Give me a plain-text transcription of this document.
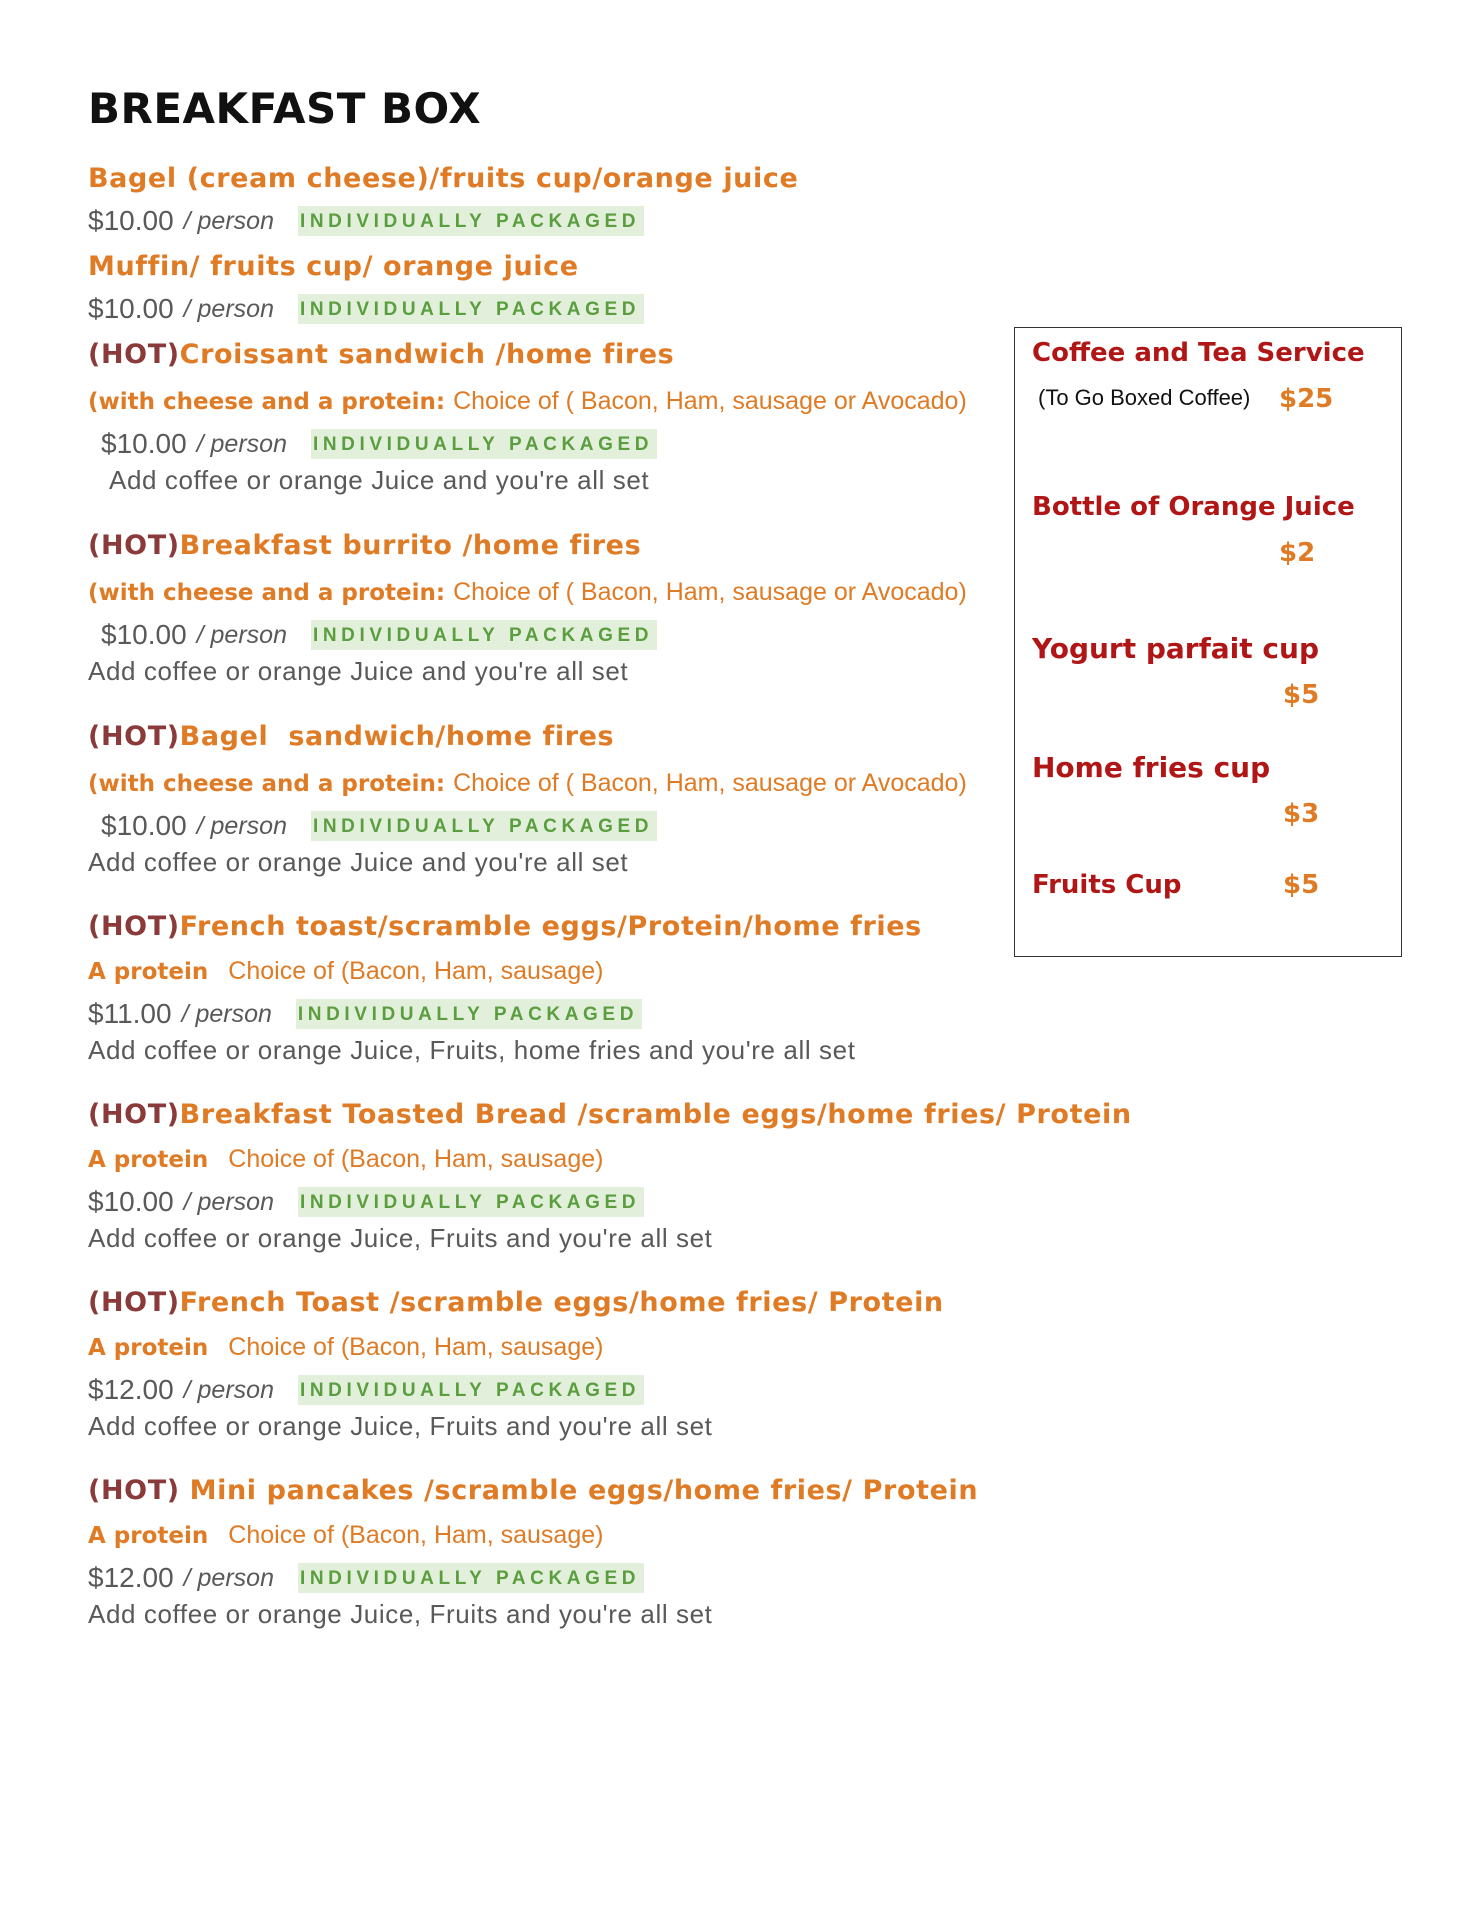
BREAKFAST BOX
Bagel (cream cheese)/fruits cup/orange juice
$10.00 / person INDIVIDUALLY PACKAGED
Muffin/ fruits cup/ orange juice
$10.00 / person INDIVIDUALLY PACKAGED
(HOT)Croissant sandwich /home fires
(with cheese and a protein: Choice of ( Bacon, Ham, sausage or Avocado)
$10.00 / person INDIVIDUALLY PACKAGED
Add coffee or orange Juice and you're all set
(HOT)Breakfast burrito /home fires
(with cheese and a protein: Choice of ( Bacon, Ham, sausage or Avocado)
$10.00 / person INDIVIDUALLY PACKAGED
Add coffee or orange Juice and you're all set
(HOT)Bagel  sandwich/home fires
(with cheese and a protein: Choice of ( Bacon, Ham, sausage or Avocado)
$10.00 / person INDIVIDUALLY PACKAGED
Add coffee or orange Juice and you're all set
(HOT)French toast/scramble eggs/Protein/home fries
A protein Choice of (Bacon, Ham, sausage)
$11.00 / person INDIVIDUALLY PACKAGED
Add coffee or orange Juice, Fruits, home fries and you're all set
(HOT)Breakfast Toasted Bread /scramble eggs/home fries/ Protein
A protein Choice of (Bacon, Ham, sausage)
$10.00 / person INDIVIDUALLY PACKAGED
Add coffee or orange Juice, Fruits and you're all set
(HOT)French Toast /scramble eggs/home fries/ Protein
A protein Choice of (Bacon, Ham, sausage)
$12.00 / person INDIVIDUALLY PACKAGED
Add coffee or orange Juice, Fruits and you're all set
(HOT) Mini pancakes /scramble eggs/home fries/ Protein
A protein Choice of (Bacon, Ham, sausage)
$12.00 / person INDIVIDUALLY PACKAGED
Add coffee or orange Juice, Fruits and you're all set
Coffee and Tea Service
(To Go Boxed Coffee) $25
Bottle of Orange Juice
$2
Yogurt parfait cup
$5
Home fries cup
$3
Fruits Cup	$5
